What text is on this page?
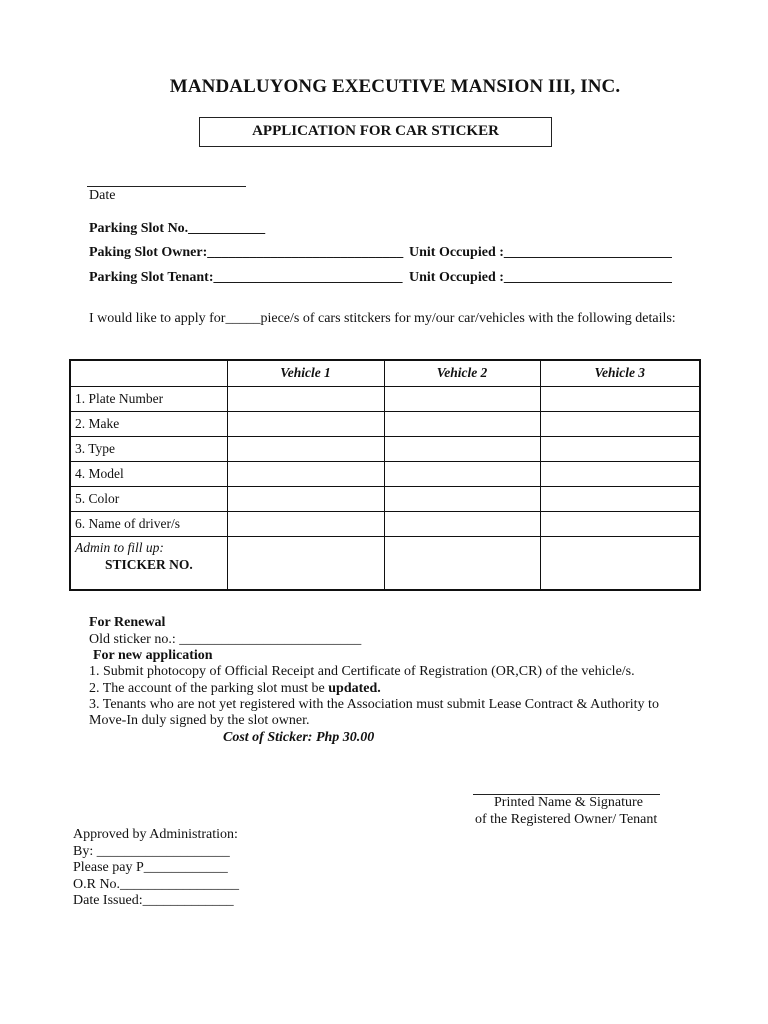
MANDALUYONG EXECUTIVE MANSION III, INC.
APPLICATION FOR CAR STICKER
Date
Parking Slot No.___________
Paking Slot Owner:____________________________ Unit Occupied :________________________
Parking Slot Tenant:___________________________ Unit Occupied :________________________
I would like to apply for_____piece/s of cars stitckers for my/our car/vehicles with the following details:
	Vehicle 1	Vehicle 2	Vehicle 3
1. Plate Number			
2. Make			
3. Type			
4. Model			
5. Color			
6. Name of driver/s			

Admin to fill up:
STICKER NO.			

For Renewal
Old sticker no.: __________________________
For new application
1. Submit photocopy of Official Receipt and Certificate of Registration (OR,CR) of the vehicle/s.
2. The account of the parking slot must be updated.
3. Tenants who are not yet registered with the Association must submit Lease Contract & Authority to
Move-In duly signed by the slot owner.
Cost of Sticker: Php 30.00
Printed Name & Signature
of the Registered Owner/ Tenant
Approved by Administration:
By: ___________________
Please pay P____________
O.R No._________________
Date Issued:_____________
